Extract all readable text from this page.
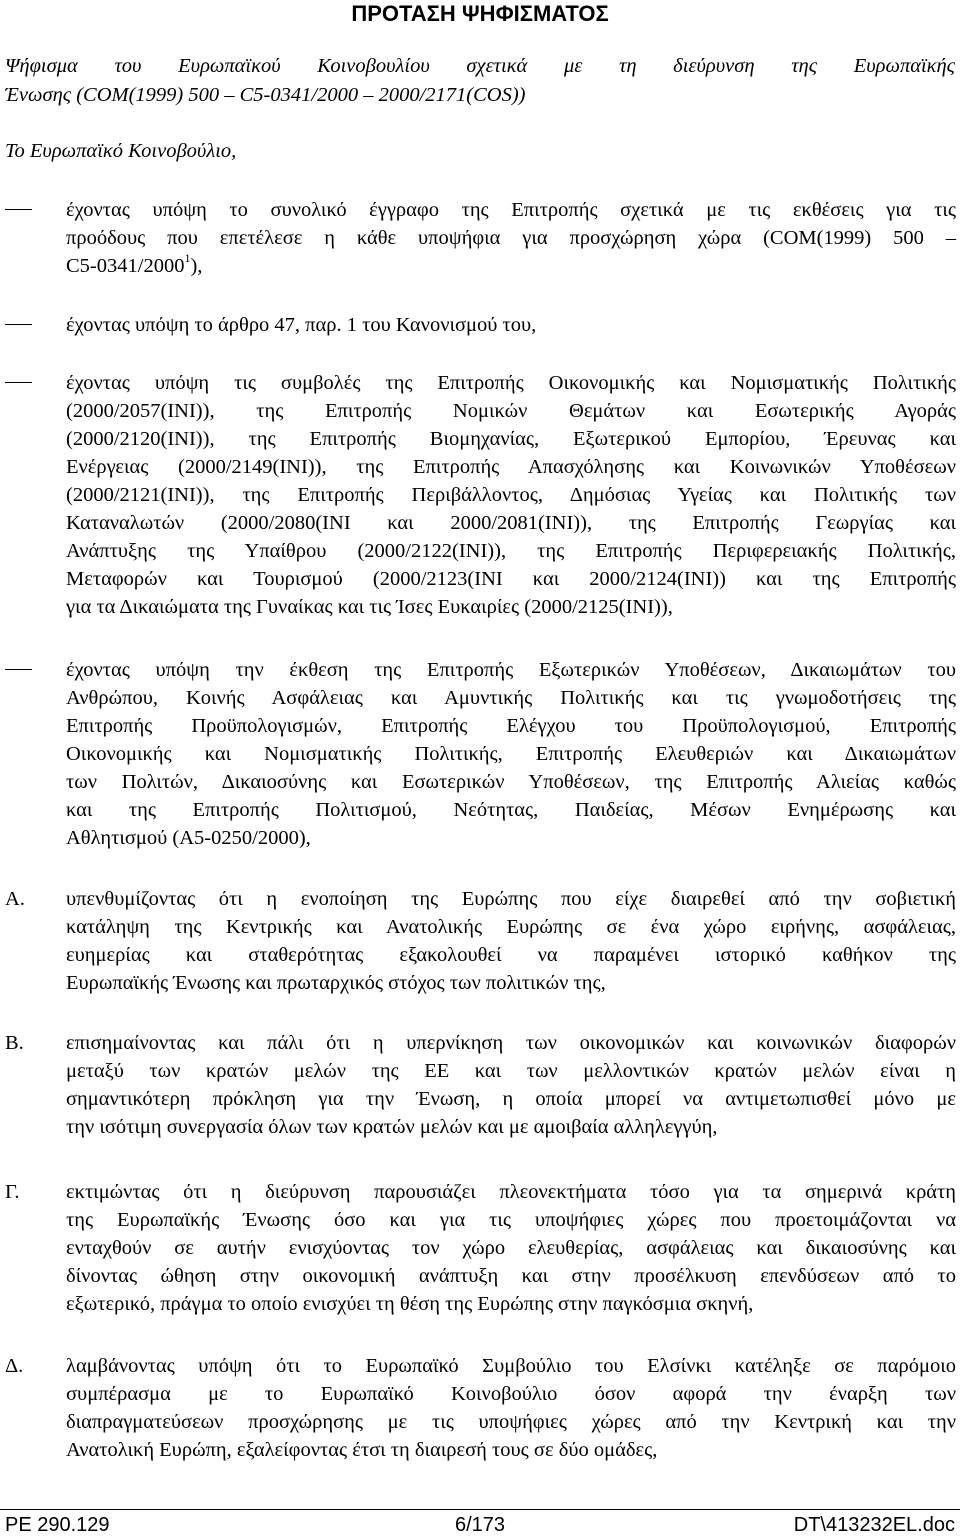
ΠΡΟΤΑΣΗ ΨΗΦΙΣΜΑΤΟΣ
Ψήφισμα του Ευρωπαϊκού Κοινοβουλίου σχετικά με τη διεύρυνση της Ευρωπαϊκής
Ένωσης (COM(1999) 500 – C5-0341/2000 – 2000/2171(COS))
Το Ευρωπαϊκό Κοινοβούλιο,
έχοντας υπόψη το συνολικό έγγραφο της Επιτροπής σχετικά με τις εκθέσεις για τις
προόδους που επετέλεσε η κάθε υποψήφια για προσχώρηση χώρα (COM(1999) 500 –
C5-0341/2000$^1$),
έχοντας υπόψη το άρθρο 47, παρ. 1 του Κανονισμού του,
έχοντας υπόψη τις συμβολές της Επιτροπής Οικονομικής και Νομισματικής Πολιτικής
(2000/2057(INI)), της Επιτροπής Νομικών Θεμάτων και Εσωτερικής Αγοράς
(2000/2120(INI)), της Επιτροπής Βιομηχανίας, Εξωτερικού Εμπορίου, Έρευνας και
Ενέργειας (2000/2149(INI)), της Επιτροπής Απασχόλησης και Κοινωνικών Υποθέσεων
(2000/2121(INI)), της Επιτροπής Περιβάλλοντος, Δημόσιας Υγείας και Πολιτικής των
Καταναλωτών (2000/2080(INI και 2000/2081(INI)), της Επιτροπής Γεωργίας και
Ανάπτυξης της Υπαίθρου (2000/2122(INI)), της Επιτροπής Περιφερειακής Πολιτικής,
Μεταφορών και Τουρισμού (2000/2123(INI και 2000/2124(INI)) και της Επιτροπής
για τα Δικαιώματα της Γυναίκας και τις Ίσες Ευκαιρίες (2000/2125(INI)),
έχοντας υπόψη την έκθεση της Επιτροπής Εξωτερικών Υποθέσεων, Δικαιωμάτων του
Ανθρώπου, Κοινής Ασφάλειας και Αμυντικής Πολιτικής και τις γνωμοδοτήσεις της
Επιτροπής Προϋπολογισμών, Επιτροπής Ελέγχου του Προϋπολογισμού, Επιτροπής
Οικονομικής και Νομισματικής Πολιτικής, Επιτροπής Ελευθεριών και Δικαιωμάτων
των Πολιτών, Δικαιοσύνης και Εσωτερικών Υποθέσεων, της Επιτροπής Αλιείας καθώς
και της Επιτροπής Πολιτισμού, Νεότητας, Παιδείας, Μέσων Ενημέρωσης και
Αθλητισμού (A5-0250/2000),
A. υπενθυμίζοντας ότι η ενοποίηση της Ευρώπης που είχε διαιρεθεί από την σοβιετική
κατάληψη της Κεντρικής και Ανατολικής Ευρώπης σε ένα χώρο ειρήνης, ασφάλειας,
ευημερίας και σταθερότητας εξακολουθεί να παραμένει ιστορικό καθήκον της
Ευρωπαϊκής Ένωσης και πρωταρχικός στόχος των πολιτικών της,
B. επισημαίνοντας και πάλι ότι η υπερνίκηση των οικονομικών και κοινωνικών διαφορών
μεταξύ των κρατών μελών της ΕΕ και των μελλοντικών κρατών μελών είναι η
σημαντικότερη πρόκληση για την Ένωση, η οποία μπορεί να αντιμετωπισθεί μόνο με
την ισότιμη συνεργασία όλων των κρατών μελών και με αμοιβαία αλληλεγγύη,
Γ. εκτιμώντας ότι η διεύρυνση παρουσιάζει πλεονεκτήματα τόσο για τα σημερινά κράτη
της Ευρωπαϊκής Ένωσης όσο και για τις υποψήφιες χώρες που προετοιμάζονται να
ενταχθούν σε αυτήν ενισχύοντας τον χώρο ελευθερίας, ασφάλειας και δικαιοσύνης και
δίνοντας ώθηση στην οικονομική ανάπτυξη και στην προσέλκυση επενδύσεων από το
εξωτερικό, πράγμα το οποίο ενισχύει τη θέση της Ευρώπης στην παγκόσμια σκηνή,
Δ. λαμβάνοντας υπόψη ότι το Ευρωπαϊκό Συμβούλιο του Ελσίνκι κατέληξε σε παρόμοιο
συμπέρασμα με το Ευρωπαϊκό Κοινοβούλιο όσον αφορά την έναρξη των
διαπραγματεύσεων προσχώρησης με τις υποψήφιες χώρες από την Κεντρική και την
Ανατολική Ευρώπη, εξαλείφοντας έτσι τη διαιρεσή τους σε δύο ομάδες,
PE 290.129	6/173	DT\413232EL.doc
